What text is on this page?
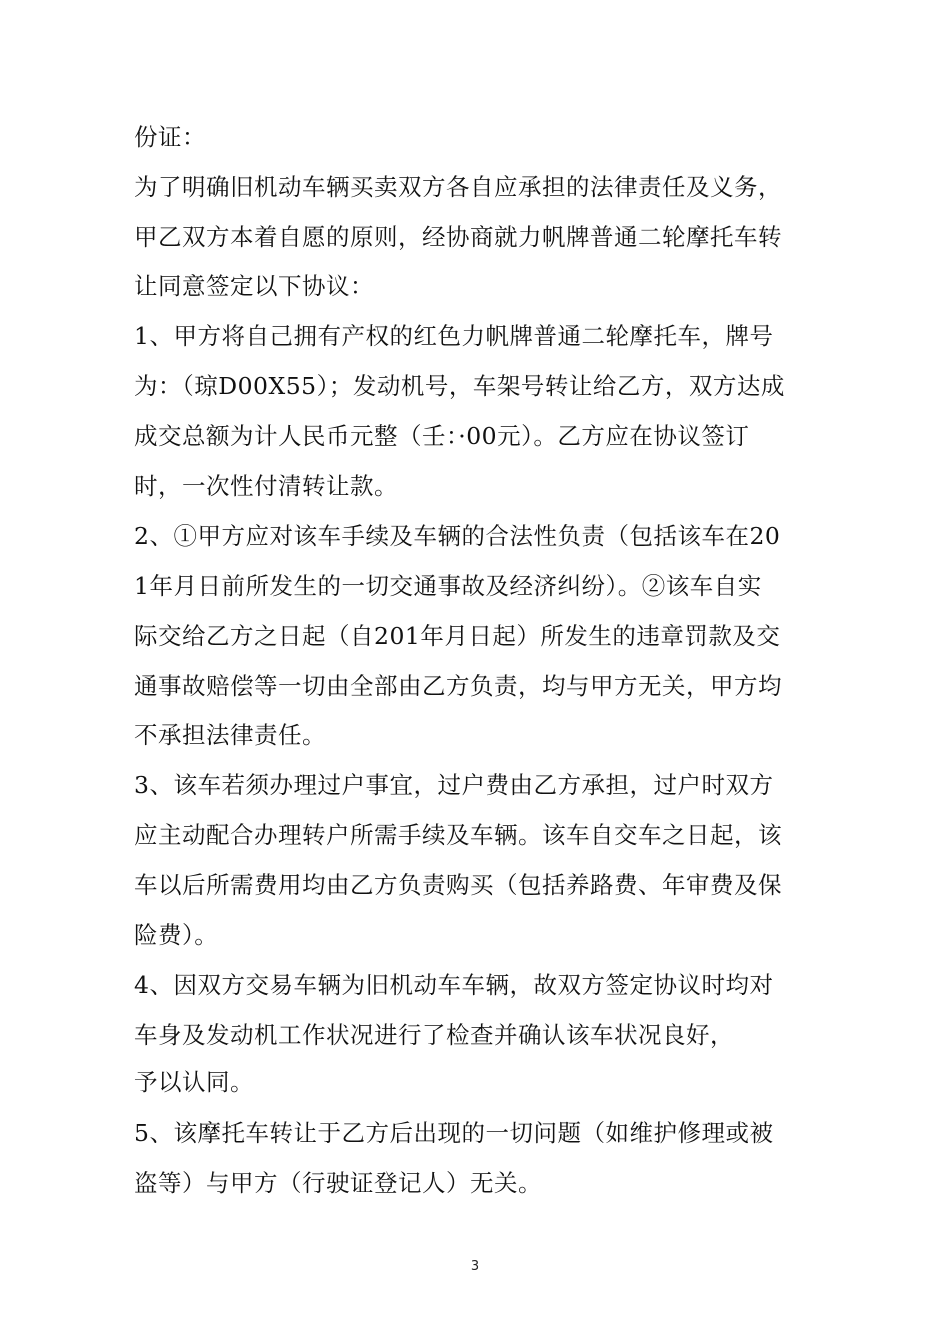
份证：
为了明确旧机动车辆买卖双方各自应承担的法律责任及义务，
甲乙双方本着自愿的原则，经协商就力帆牌普通二轮摩托车转
让同意签定以下协议：
1、甲方将自己拥有产权的红色力帆牌普通二轮摩托车，牌号
为：（琼D00X55）；发动机号，车架号转让给乙方，双方达成
成交总额为计人民币元整（壬：·00元）。乙方应在协议签订
时，一次性付清转让款。
2、①甲方应对该车手续及车辆的合法性负责（包括该车在20
1年月日前所发生的一切交通事故及经济纠纷）。②该车自实
际交给乙方之日起（自201年月日起）所发生的违章罚款及交
通事故赔偿等一切由全部由乙方负责，均与甲方无关，甲方均
不承担法律责任。
3、该车若须办理过户事宜，过户费由乙方承担，过户时双方
应主动配合办理转户所需手续及车辆。该车自交车之日起，该
车以后所需费用均由乙方负责购买（包括养路费、年审费及保
险费）。
4、因双方交易车辆为旧机动车车辆，故双方签定协议时均对
车身及发动机工作状况进行了检查并确认该车状况良好，
予以认同。
5、该摩托车转让于乙方后出现的一切问题（如维护修理或被
盗等）与甲方（行驶证登记人）无关。
3
